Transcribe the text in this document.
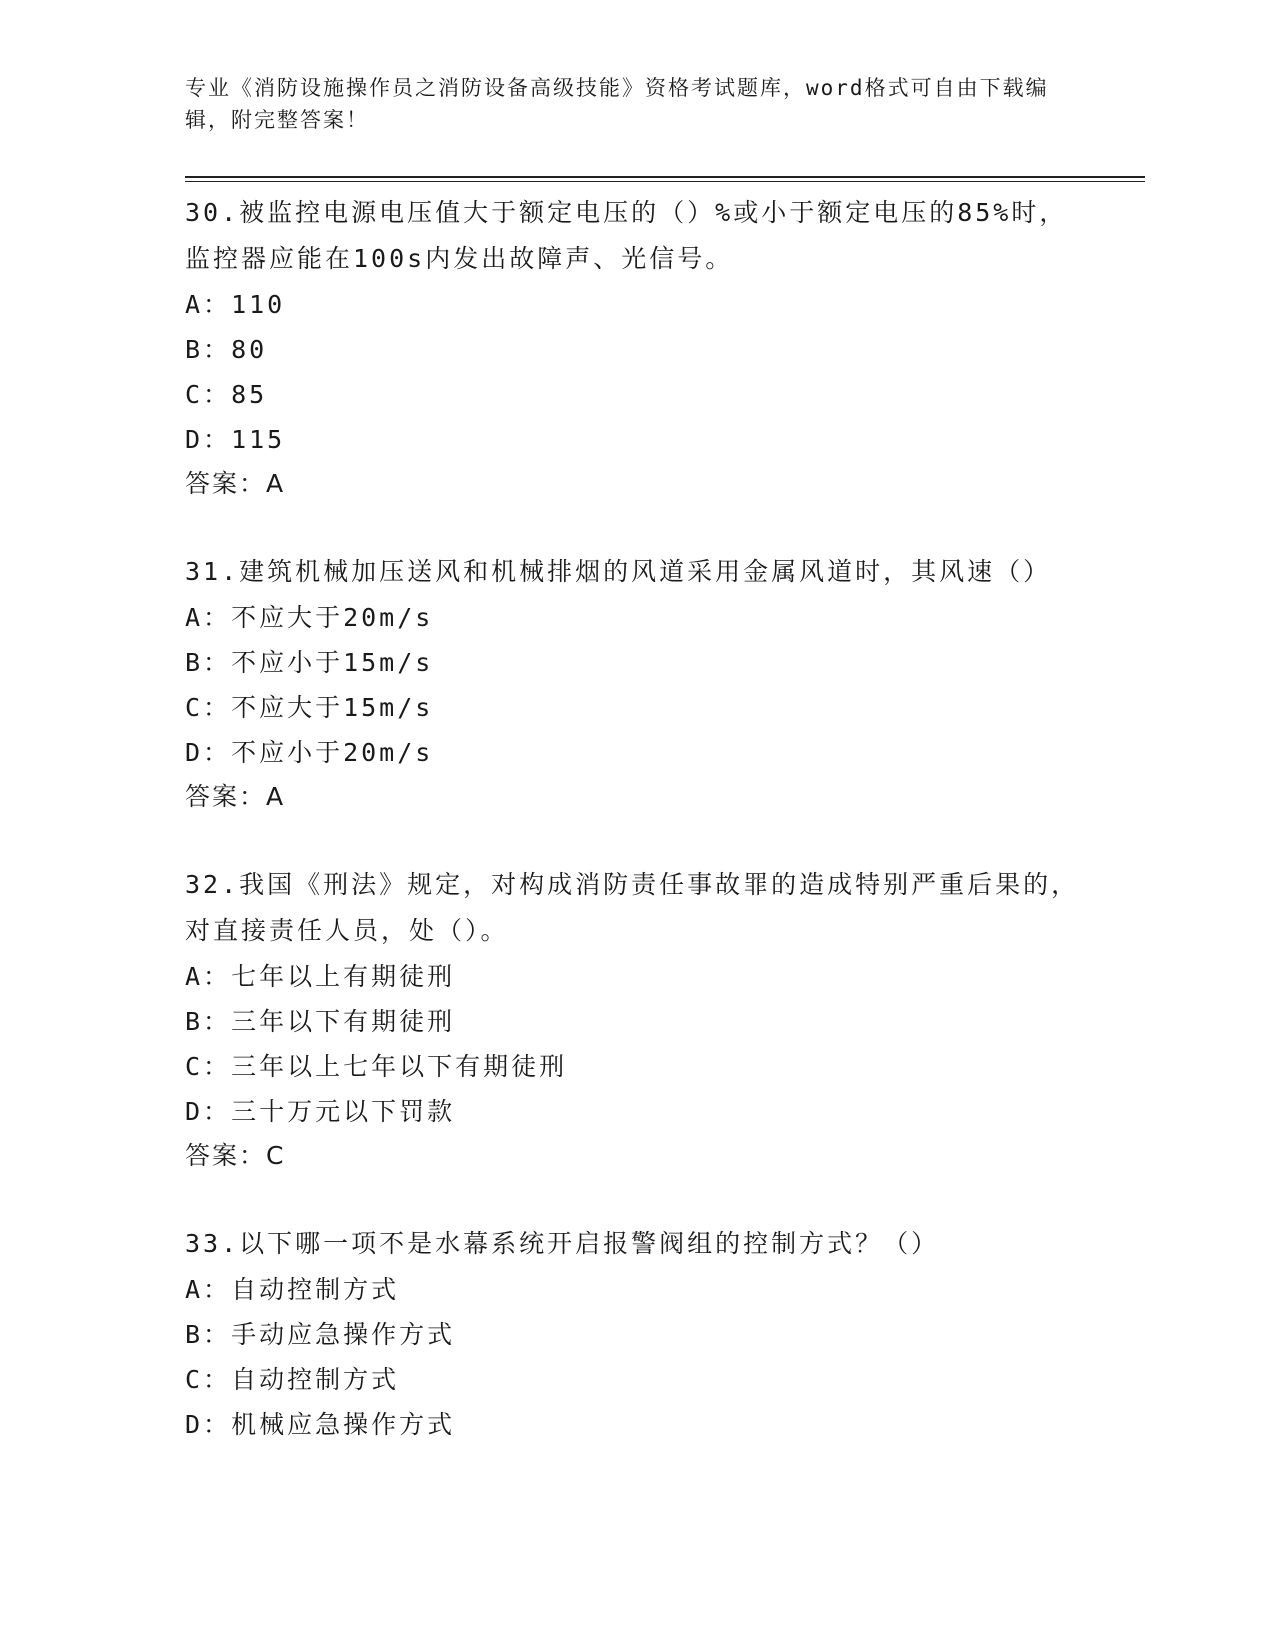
专业《消防设施操作员之消防设备高级技能》资格考试题库，word格式可自由下载编辑，附完整答案！

30.被监控电源电压值大于额定电压的（）%或小于额定电压的85%时，监控器应能在100s内发出故障声、光信号。

A：110

B：80

C：85

D：115

答案：A

31.建筑机械加压送风和机械排烟的风道采用金属风道时，其风速（）

A：不应大于20m/s

B：不应小于15m/s

C：不应大于15m/s

D：不应小于20m/s

答案：A

32.我国《刑法》规定，对构成消防责任事故罪的造成特别严重后果的，对直接责任人员，处（）。

A：七年以上有期徒刑

B：三年以下有期徒刑

C：三年以上七年以下有期徒刑

D：三十万元以下罚款

答案：C

33.以下哪一项不是水幕系统开启报警阀组的控制方式？（）

A：自动控制方式

B：手动应急操作方式

C：自动控制方式

D：机械应急操作方式
